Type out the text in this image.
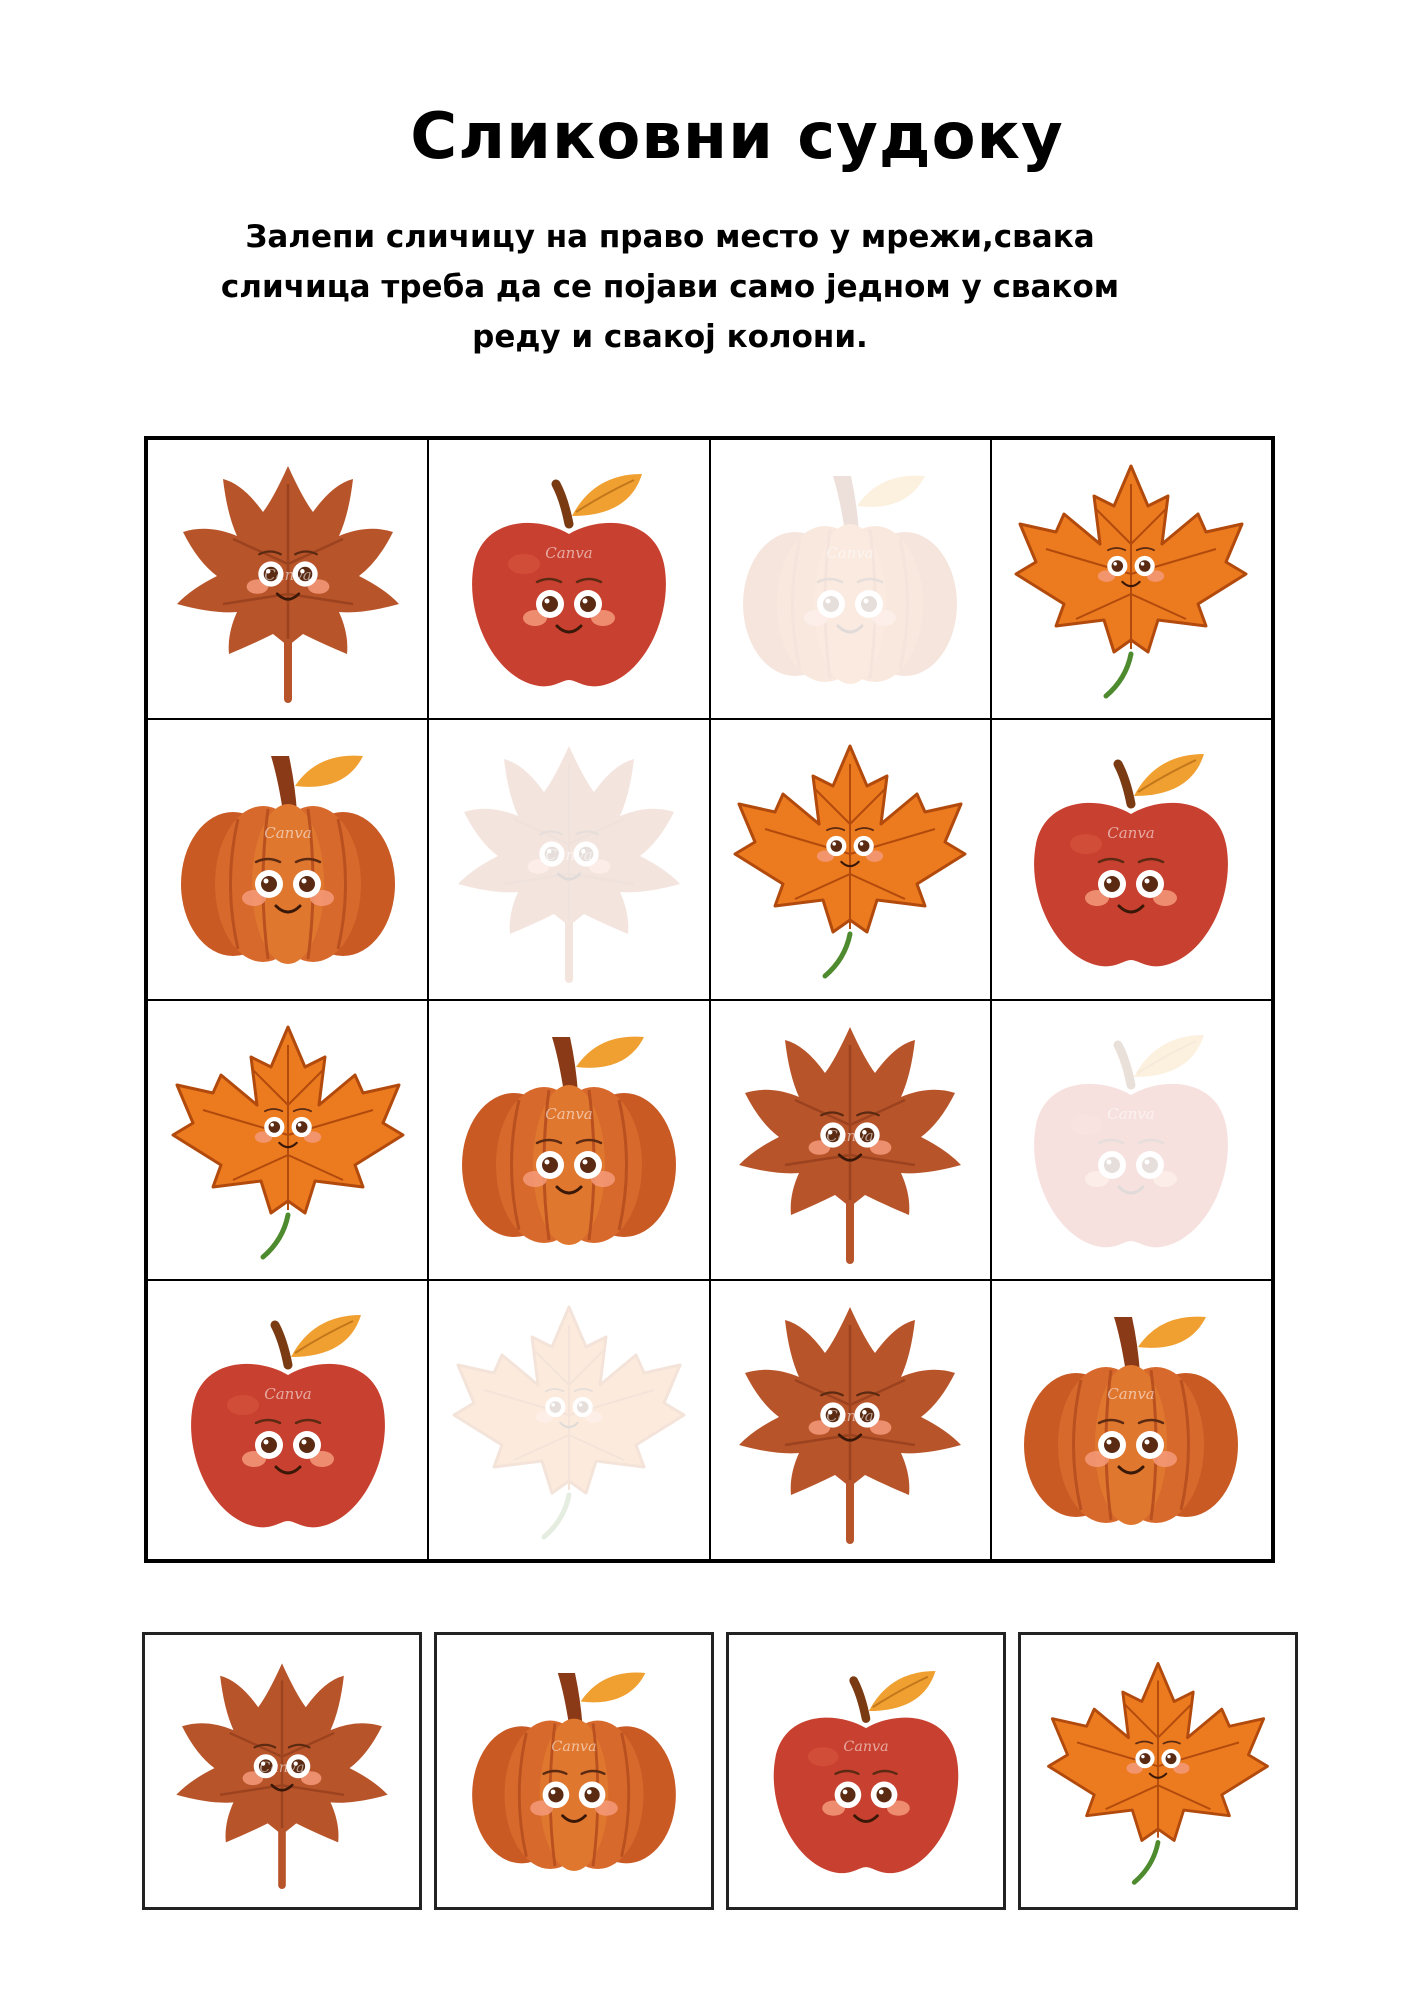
Сликовни судоку
Залепи сличицу на право место у мрежи,свака
сличица треба да се појави само једном у сваком
реду и свакој колони.
Canva
Canva	Canva
Canva
Canva
Canva
Canva
Canva
Canva
Canva
Canva
Canva
Canva
Canva	Canva
